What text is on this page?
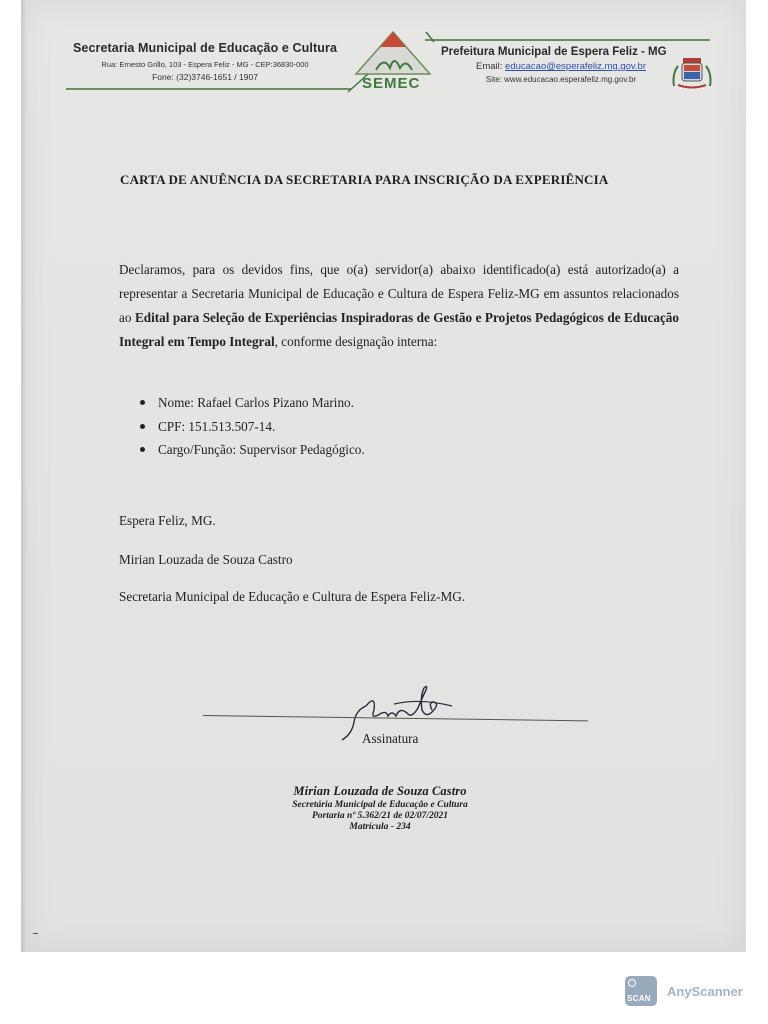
Secretaria Municipal de Educação e Cultura
Rua: Ernesto Grillo, 103 - Espera Feliz - MG - CEP:36830-000
Fone: (32)3746-1651 / 1907	SEMEC
Prefeitura Municipal de Espera Feliz - MG
Email: educacao@esperafeliz.mg.gov.br
Site: www.educacao.esperafeliz.mg.gov.br
CARTA DE ANUÊNCIA DA SECRETARIA PARA INSCRIÇÃO DA EXPERIÊNCIA

Declaramos, para os devidos fins, que o(a) servidor(a) abaixo identificado(a) está autorizado(a) a representar a Secretaria Municipal de Educação e Cultura de Espera Feliz-MG em assuntos relacionados ao Edital para Seleção de Experiências Inspiradoras de Gestão e Projetos Pedagógicos de Educação Integral em Tempo Integral, conforme designação interna:

Nome: Rafael Carlos Pizano Marino.
CPF: 151.513.507-14.
Cargo/Função: Supervisor Pedagógico.
Espera Feliz, MG.
Mirian Louzada de Souza Castro
Secretaria Municipal de Educação e Cultura de Espera Feliz-MG.
Assinatura
Mirian Louzada de Souza Castro
Secretária Municipal de Educação e Cultura
Portaria nº 5.362/21 de 02/07/2021
Matrícula - 234
SCAN AnyScanner
